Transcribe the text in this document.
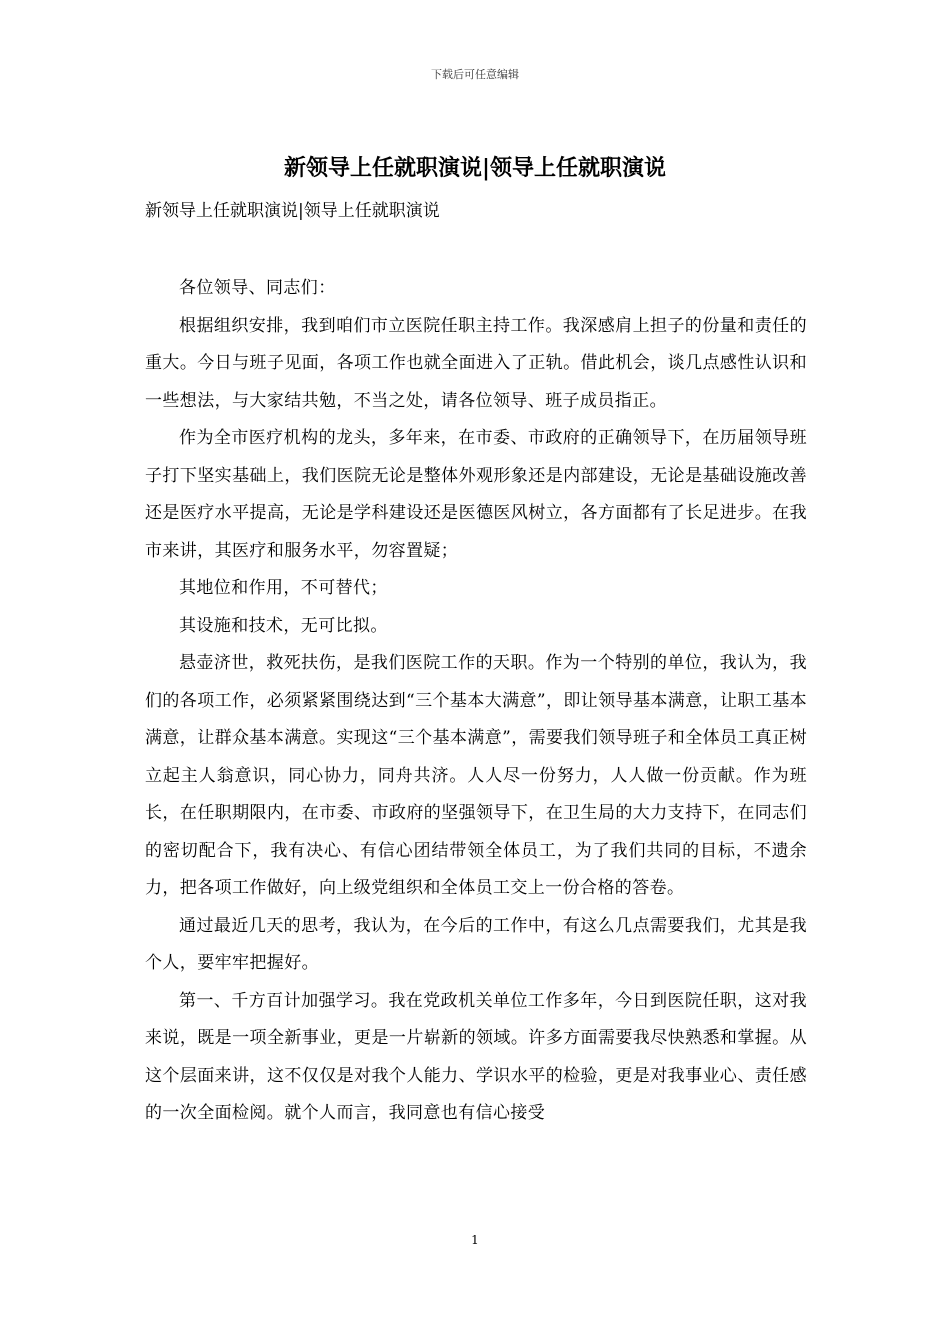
下载后可任意编辑
新领导上任就职演说|领导上任就职演说

新领导上任就职演说|领导上任就职演说

各位领导、同志们：

根据组织安排，我到咱们市立医院任职主持工作。我深感肩上担子的份量和责任的重大。今日与班子见面，各项工作也就全面进入了正轨。借此机会，谈几点感性认识和一些想法，与大家结共勉，不当之处，请各位领导、班子成员指正。

作为全市医疗机构的龙头，多年来，在市委、市政府的正确领导下，在历届领导班子打下坚实基础上，我们医院无论是整体外观形象还是内部建设，无论是基础设施改善还是医疗水平提高，无论是学科建设还是医德医风树立，各方面都有了长足进步。在我市来讲，其医疗和服务水平，勿容置疑；

其地位和作用，不可替代；

其设施和技术，无可比拟。

悬壶济世，救死扶伤，是我们医院工作的天职。作为一个特别的单位，我认为，我们的各项工作，必须紧紧围绕达到“三个基本大满意”，即让领导基本满意，让职工基本满意，让群众基本满意。实现这“三个基本满意”，需要我们领导班子和全体员工真正树立起主人翁意识，同心协力，同舟共济。人人尽一份努力，人人做一份贡献。作为班长，在任职期限内，在市委、市政府的坚强领导下，在卫生局的大力支持下，在同志们的密切配合下，我有决心、有信心团结带领全体员工，为了我们共同的目标，不遗余力，把各项工作做好，向上级党组织和全体员工交上一份合格的答卷。

通过最近几天的思考，我认为，在今后的工作中，有这么几点需要我们，尤其是我个人，要牢牢把握好。

第一、千方百计加强学习。我在党政机关单位工作多年，今日到医院任职，这对我来说，既是一项全新事业，更是一片崭新的领域。许多方面需要我尽快熟悉和掌握。从这个层面来讲，这不仅仅是对我个人能力、学识水平的检验，更是对我事业心、责任感的一次全面检阅。就个人而言，我同意也有信心接受

1
